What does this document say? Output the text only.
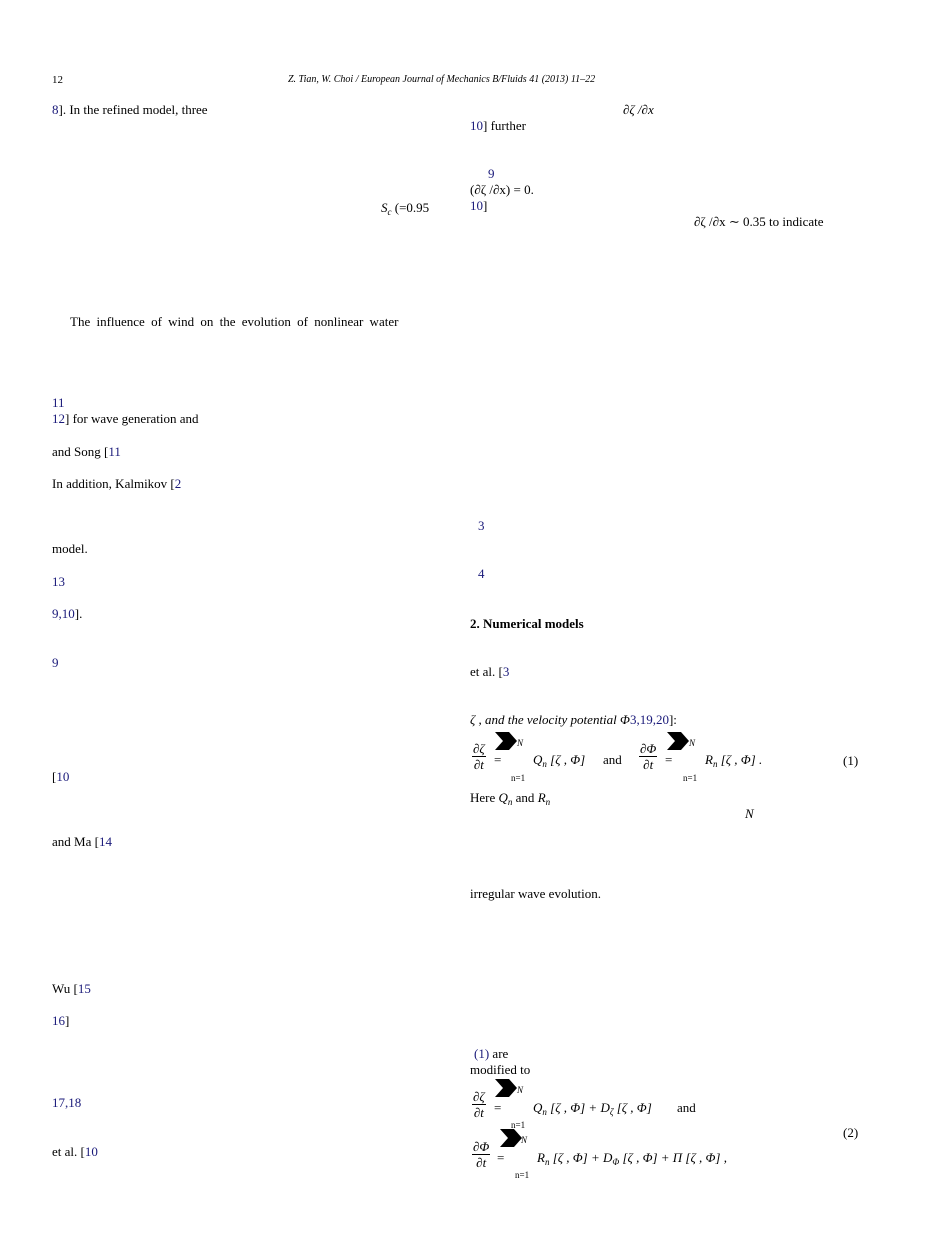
12	Z. Tian, W. Choi / European Journal of Mechanics B/Fluids 41 (2013) 11–22
8]. In the refined model, three
$S_c$ (=0.95
The influence of wind on the evolution of nonlinear water
11
12] for wave generation and
and Song [11
In addition, Kalmikov [2
model.
13
9,10].
9
[10
and Ma [14
Wu [15
16]
17,18
et al. [10
∂ζ /∂x
10] further
9
(∂ζ /∂x) = 0.
10]
∂ζ /∂x ∼ 0.35 to indicate
3
4
2. Numerical models
et al. [3
ζ , and the velocity potential Φ3,19,20]:
$\frac{\partial\zeta}{\partial t}$ =
N
n=1
$Q_n$ [ζ , Φ] and $\frac{\partial\Phi}{\partial t}$ =
N
n=1
$R_n$ [ζ , Φ] .	(1)
Here $Q_n$ and $R_n$
N
irregular wave evolution.
(1) are
modified to
$\frac{\partial\zeta}{\partial t}$ =
N
n=1
$Q_n$ [ζ , $\Phi] + D_\zeta$ [ζ , Φ] and
$\frac{\partial\Phi}{\partial t}$ =
N
n=1
$R_n$ [ζ , $\Phi] + D_\Phi$ [ζ , Φ] + Π [ζ , Φ] ,
(2)
